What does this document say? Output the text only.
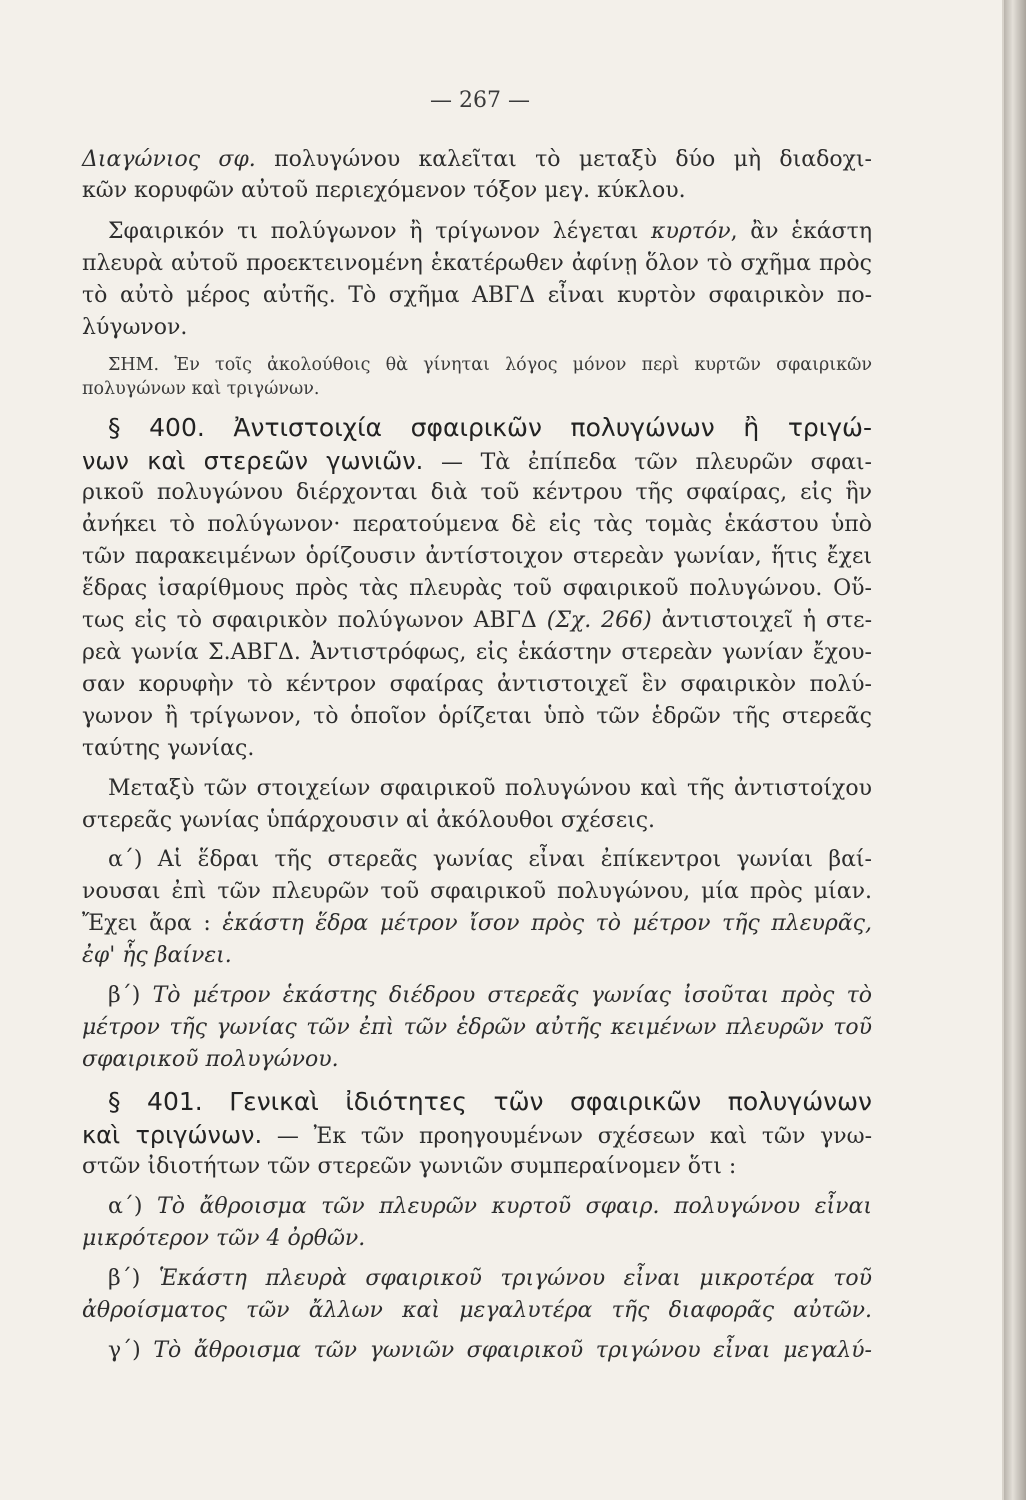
— 267 —
Διαγώνιος σφ. πολυγώνου καλεῖται τὸ μεταξὺ δύο μὴ διαδοχι-
κῶν κορυφῶν αὐτοῦ περιεχόμενον τόξον μεγ. κύκλου.
Σφαιρικόν τι πολύγωνον ἢ τρίγωνον λέγεται κυρτόν, ἂν ἑκάστη
πλευρὰ αὐτοῦ προεκτεινομένη ἑκατέρωθεν ἀφίνῃ ὅλον τὸ σχῆμα πρὸς
τὸ αὐτὸ μέρος αὐτῆς. Τὸ σχῆμα ΑΒΓΔ εἶναι κυρτὸν σφαιρικὸν πο-
λύγωνον.
ΣΗΜ. Ἐν τοῖς ἀκολούθοις θὰ γίνηται λόγος μόνον περὶ κυρτῶν σφαιρικῶν
πολυγώνων καὶ τριγώνων.
§ 400. Ἀντιστοιχία σφαιρικῶν πολυγώνων ἢ τριγώ-
νων καὶ στερεῶν γωνιῶν. — Τὰ ἐπίπεδα τῶν πλευρῶν σφαι-
ρικοῦ πολυγώνου διέρχονται διὰ τοῦ κέντρου τῆς σφαίρας, εἰς ἣν
ἀνήκει τὸ πολύγωνον· περατούμενα δὲ εἰς τὰς τομὰς ἑκάστου ὑπὸ
τῶν παρακειμένων ὁρίζουσιν ἀντίστοιχον στερεὰν γωνίαν, ἥτις ἔχει
ἕδρας ἰσαρίθμους πρὸς τὰς πλευρὰς τοῦ σφαιρικοῦ πολυγώνου. Οὕ-
τως εἰς τὸ σφαιρικὸν πολύγωνον ΑΒΓΔ (Σχ. 266) ἀντιστοιχεῖ ἡ στε-
ρεὰ γωνία Σ.ΑΒΓΔ. Ἀντιστρόφως, εἰς ἑκάστην στερεὰν γωνίαν ἔχου-
σαν κορυφὴν τὸ κέντρον σφαίρας ἀντιστοιχεῖ ἓν σφαιρικὸν πολύ-
γωνον ἢ τρίγωνον, τὸ ὁποῖον ὁρίζεται ὑπὸ τῶν ἑδρῶν τῆς στερεᾶς
ταύτης γωνίας.
Μεταξὺ τῶν στοιχείων σφαιρικοῦ πολυγώνου καὶ τῆς ἀντιστοίχου
στερεᾶς γωνίας ὑπάρχουσιν αἱ ἀκόλουθοι σχέσεις.
α΄) Αἱ ἕδραι τῆς στερεᾶς γωνίας εἶναι ἐπίκεντροι γωνίαι βαί-
νουσαι ἐπὶ τῶν πλευρῶν τοῦ σφαιρικοῦ πολυγώνου, μία πρὸς μίαν.
Ἔχει ἄρα : ἑκάστη ἕδρα μέτρον ἴσον πρὸς τὸ μέτρον τῆς πλευρᾶς,
ἐφ' ἧς βαίνει.
β΄) Τὸ μέτρον ἑκάστης διέδρου στερεᾶς γωνίας ἰσοῦται πρὸς τὸ
μέτρον τῆς γωνίας τῶν ἐπὶ τῶν ἑδρῶν αὐτῆς κειμένων πλευρῶν τοῦ
σφαιρικοῦ πολυγώνου.
§ 401. Γενικαὶ ἰδιότητες τῶν σφαιρικῶν πολυγώνων
καὶ τριγώνων. — Ἐκ τῶν προηγουμένων σχέσεων καὶ τῶν γνω-
στῶν ἰδιοτήτων τῶν στερεῶν γωνιῶν συμπεραίνομεν ὅτι :
α΄) Τὸ ἄθροισμα τῶν πλευρῶν κυρτοῦ σφαιρ. πολυγώνου εἶναι
μικρότερον τῶν 4 ὀρθῶν.
β΄) Ἑκάστη πλευρὰ σφαιρικοῦ τριγώνου εἶναι μικροτέρα τοῦ
ἀθροίσματος τῶν ἄλλων καὶ μεγαλυτέρα τῆς διαφορᾶς αὐτῶν.
γ΄) Τὸ ἄθροισμα τῶν γωνιῶν σφαιρικοῦ τριγώνου εἶναι μεγαλύ-
